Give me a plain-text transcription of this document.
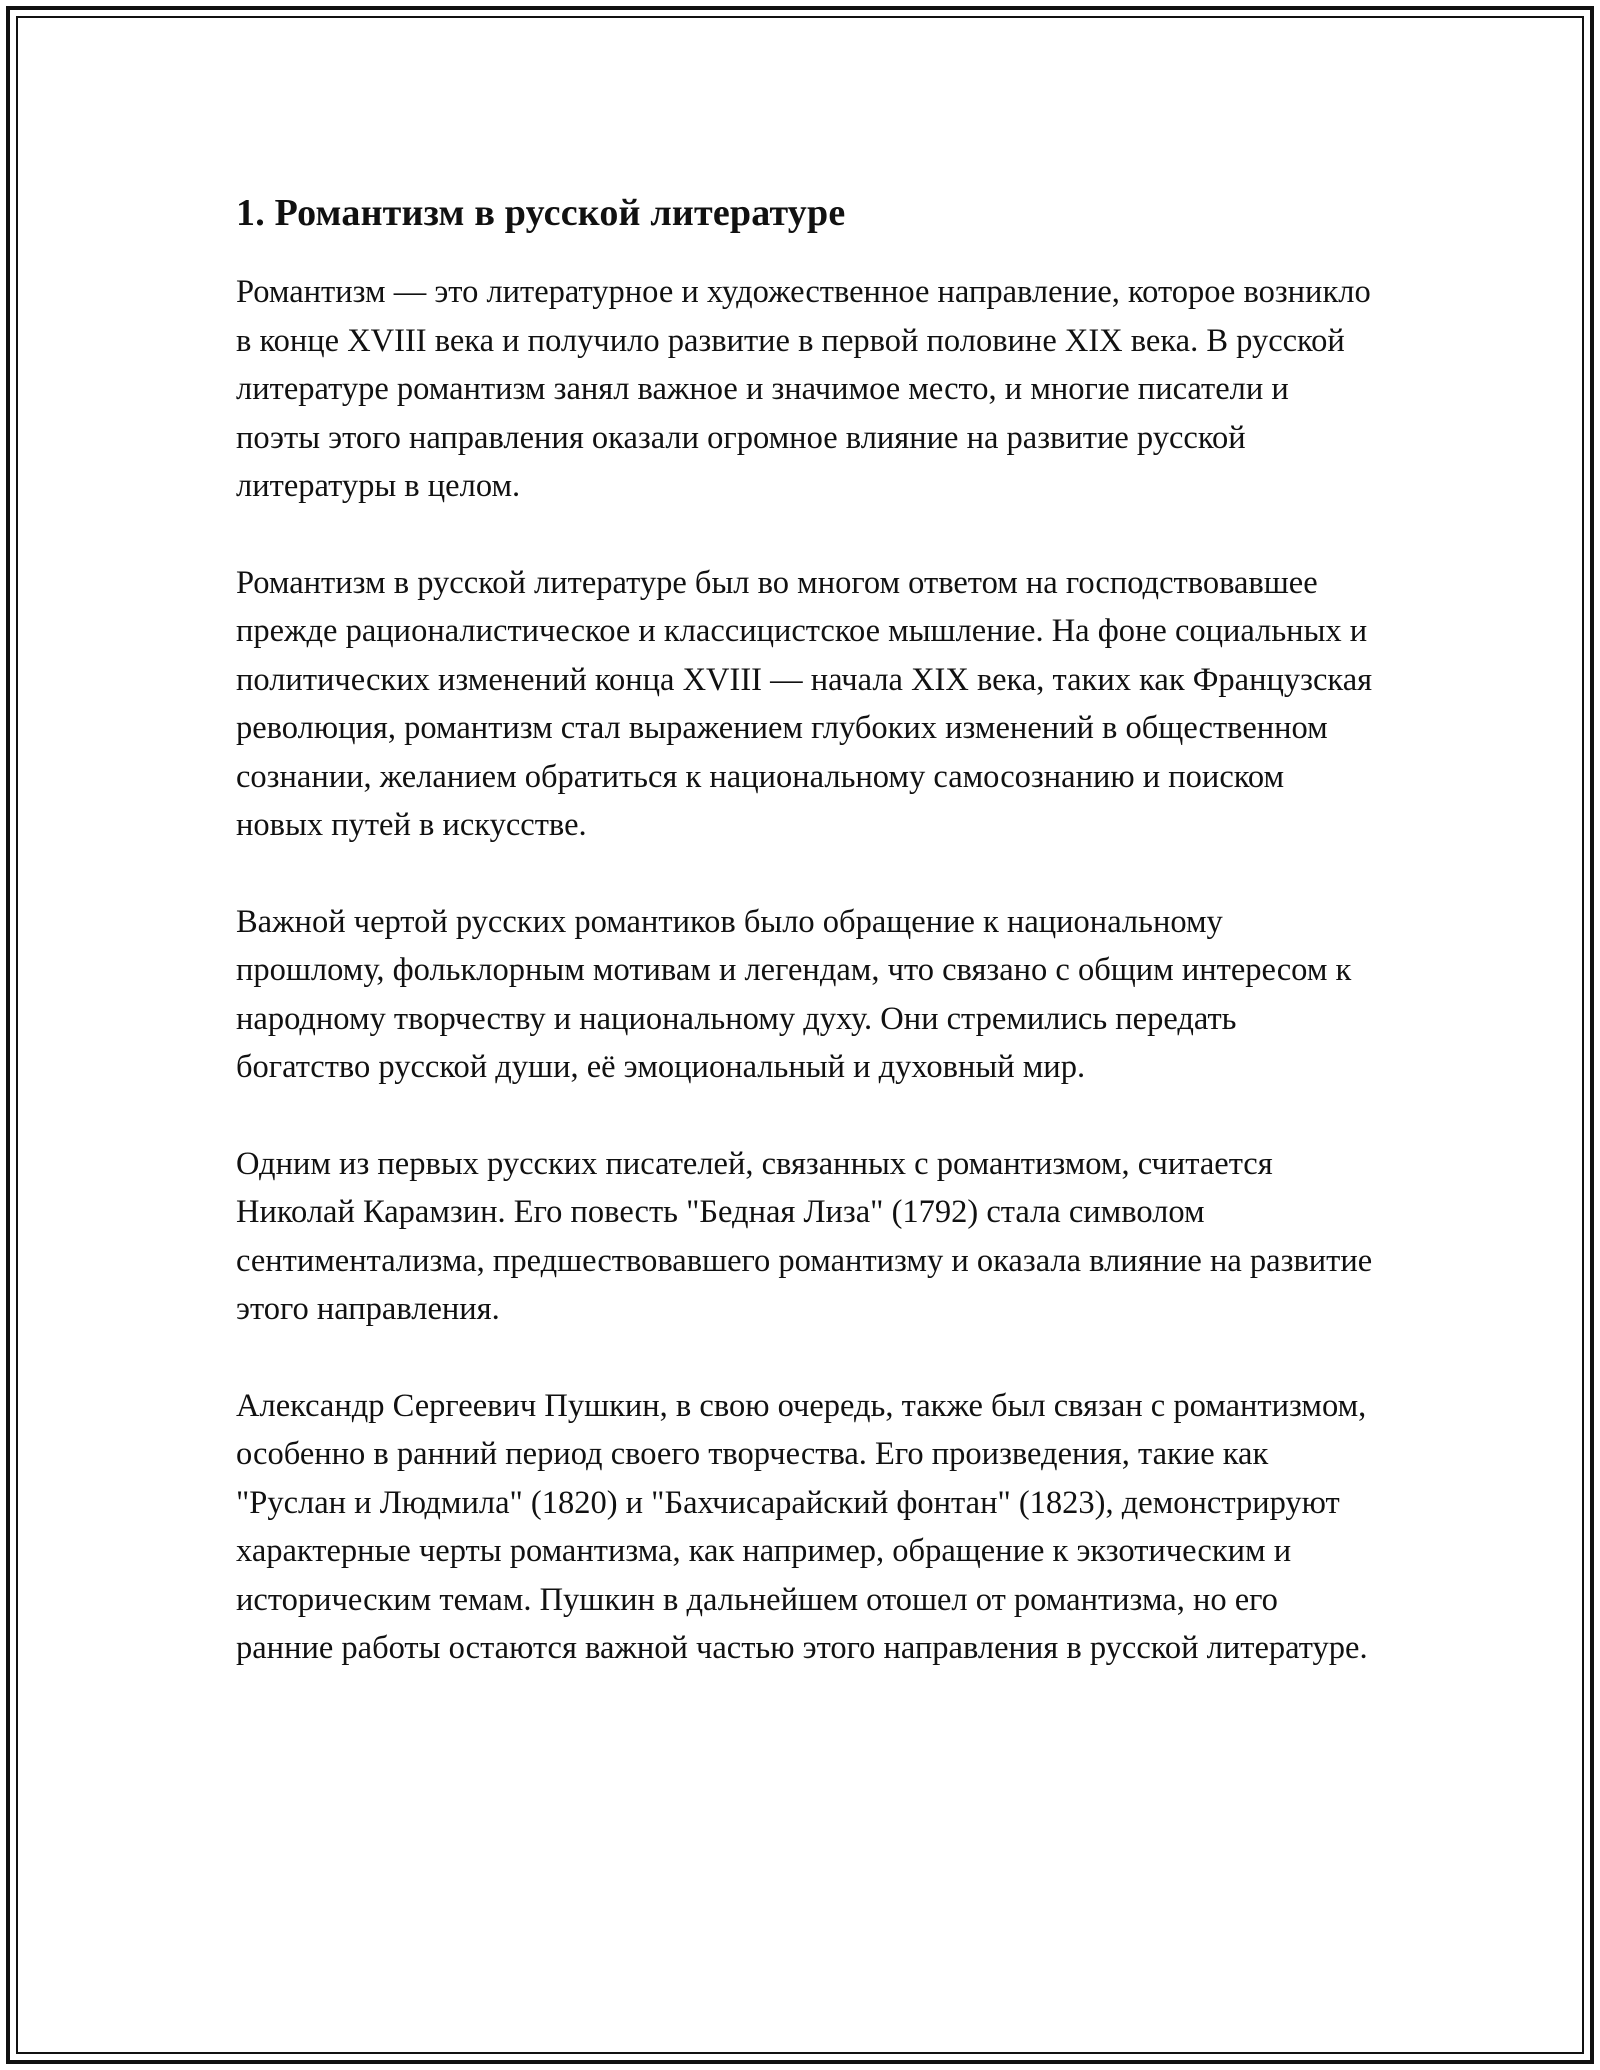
1. Романтизм в русской литературе

Романтизм — это литературное и художественное направление, которое возникло в конце XVIII века и получило развитие в первой половине XIX века. В русской литературе романтизм занял важное и значимое место, и многие писатели и поэты этого направления оказали огромное влияние на развитие русской литературы в целом.

Романтизм в русской литературе был во многом ответом на господствовавшее прежде рационалистическое и классицистское мышление. На фоне социальных и политических изменений конца XVIII — начала XIX века, таких как Французская революция, романтизм стал выражением глубоких изменений в общественном сознании, желанием обратиться к национальному самосознанию и поиском новых путей в искусстве.

Важной чертой русских романтиков было обращение к национальному прошлому, фольклорным мотивам и легендам, что связано с общим интересом к народному творчеству и национальному духу. Они стремились передать богатство русской души, её эмоциональный и духовный мир.

Одним из первых русских писателей, связанных с романтизмом, считается Николай Карамзин. Его повесть "Бедная Лиза" (1792) стала символом сентиментализма, предшествовавшего романтизму и оказала влияние на развитие этого направления.

Александр Сергеевич Пушкин, в свою очередь, также был связан с романтизмом, особенно в ранний период своего творчества. Его произведения, такие как "Руслан и Людмила" (1820) и "Бахчисарайский фонтан" (1823), демонстрируют характерные черты романтизма, как например, обращение к экзотическим и историческим темам. Пушкин в дальнейшем отошел от романтизма, но его ранние работы остаются важной частью этого направления в русской литературе.
